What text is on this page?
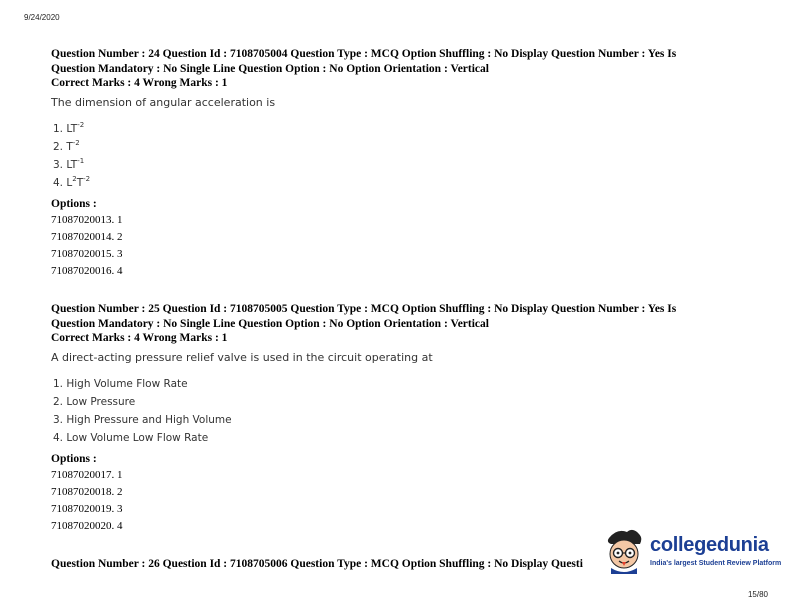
9/24/2020

Question Number : 24 Question Id : 7108705004 Question Type : MCQ Option Shuffling : No Display Question Number : Yes Is

Question Mandatory : No Single Line Question Option : No Option Orientation : Vertical

Correct Marks : 4 Wrong Marks : 1

The dimension of angular acceleration is

1. $LT^{-2}$
2. $T^{-2}$
3. $LT^{-1}$
4. $L^2T^{-2}$

Options :

71087020013. 1

71087020014. 2

71087020015. 3

71087020016. 4

Question Number : 25 Question Id : 7108705005 Question Type : MCQ Option Shuffling : No Display Question Number : Yes Is

Question Mandatory : No Single Line Question Option : No Option Orientation : Vertical

Correct Marks : 4 Wrong Marks : 1

A direct-acting pressure relief valve is used in the circuit operating at

1. High Volume Flow Rate
2. Low Pressure
3. High Pressure and High Volume
4. Low Volume Low Flow Rate

Options :

71087020017. 1

71087020018. 2

71087020019. 3

71087020020. 4

Question Number : 26 Question Id : 7108705006 Question Type : MCQ Option Shuffling : No Display Questi
collegedunia
India's largest Student Review Platform
15/80
